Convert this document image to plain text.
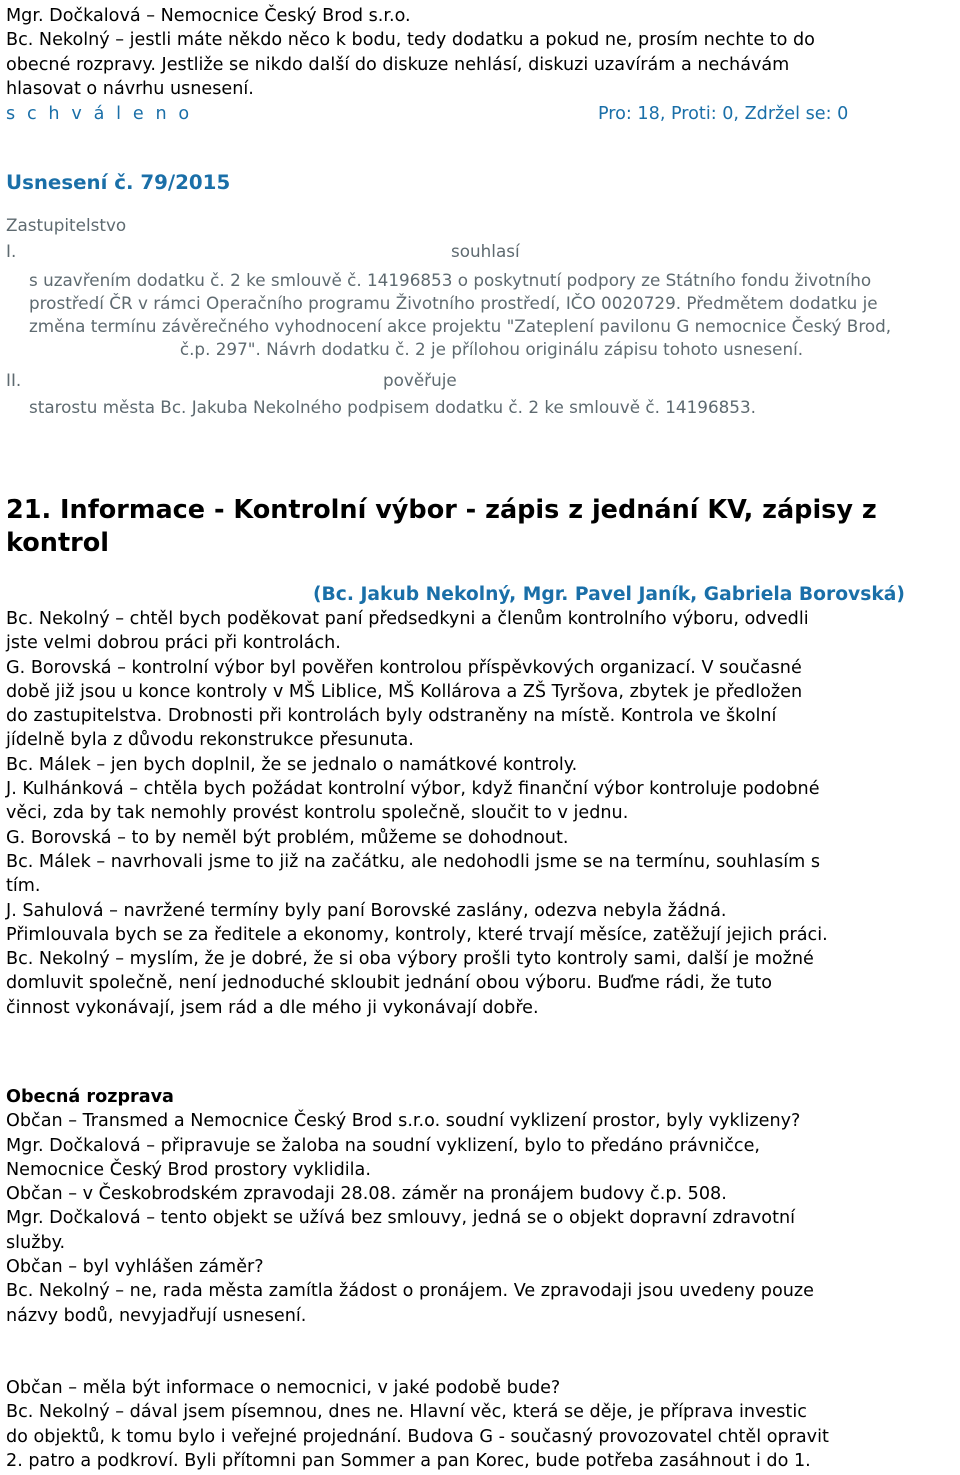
Mgr. Dočkalová – Nemocnice Český Brod s.r.o.

Bc. Nekolný – jestli máte někdo něco k bodu, tedy dodatku a pokud ne, prosím nechte to do

obecné rozpravy. Jestliže se nikdo další do diskuze nehlásí, diskuzi uzavírám a nechávám

hlasovat o návrhu usnesení.

s c h v á l e n o	Pro: 18, Proti: 0, Zdržel se: 0
Usnesení č. 79/2015
Zastupitelstvo
I.	souhlasí

s uzavřením dodatku č. 2 ke smlouvě č. 14196853 o poskytnutí podpory ze Státního fondu životního

prostředí ČR v rámci Operačního programu Životního prostředí, IČO 0020729. Předmětem dodatku je

změna termínu závěrečného vyhodnocení akce projektu "Zateplení pavilonu G nemocnice Český Brod,

č.p. 297". Návrh dodatku č. 2 je přílohou originálu zápisu tohoto usnesení.

II.	pověřuje

starostu města Bc. Jakuba Nekolného podpisem dodatku č. 2 ke smlouvě č. 14196853.

21. Informace - Kontrolní výbor - zápis z jednání KV, zápisy z

kontrol

(Bc. Jakub Nekolný, Mgr. Pavel Janík, Gabriela Borovská)

Bc. Nekolný – chtěl bych poděkovat paní předsedkyni a členům kontrolního výboru, odvedli

jste velmi dobrou práci při kontrolách.

G. Borovská – kontrolní výbor byl pověřen kontrolou příspěvkových organizací. V současné

době již jsou u konce kontroly v MŠ Liblice, MŠ Kollárova a ZŠ Tyršova, zbytek je předložen

do zastupitelstva. Drobnosti při kontrolách byly odstraněny na místě. Kontrola ve školní

jídelně byla z důvodu rekonstrukce přesunuta.

Bc. Málek – jen bych doplnil, že se jednalo o namátkové kontroly.

J. Kulhánková – chtěla bych požádat kontrolní výbor, když finanční výbor kontroluje podobné

věci, zda by tak nemohly provést kontrolu společně, sloučit to v jednu.

G. Borovská – to by neměl být problém, můžeme se dohodnout.

Bc. Málek – navrhovali jsme to již na začátku, ale nedohodli jsme se na termínu, souhlasím s

tím.

J. Sahulová – navržené termíny byly paní Borovské zaslány, odezva nebyla žádná.

Přimlouvala bych se za ředitele a ekonomy, kontroly, které trvají měsíce, zatěžují jejich práci.

Bc. Nekolný – myslím, že je dobré, že si oba výbory prošli tyto kontroly sami, další je možné

domluvit společně, není jednoduché skloubit jednání obou výboru. Buďme rádi, že tuto

činnost vykonávají, jsem rád a dle mého ji vykonávají dobře.

Obecná rozprava

Občan – Transmed a Nemocnice Český Brod s.r.o. soudní vyklizení prostor, byly vyklizeny?

Mgr. Dočkalová – připravuje se žaloba na soudní vyklizení, bylo to předáno právničce,

Nemocnice Český Brod prostory vyklidila.

Občan – v Českobrodském zpravodaji 28.08. záměr na pronájem budovy č.p. 508.

Mgr. Dočkalová – tento objekt se užívá bez smlouvy, jedná se o objekt dopravní zdravotní

služby.

Občan – byl vyhlášen záměr?

Bc. Nekolný – ne, rada města zamítla žádost o pronájem. Ve zpravodaji jsou uvedeny pouze

názvy bodů, nevyjadřují usnesení.

Občan – měla být informace o nemocnici, v jaké podobě bude?

Bc. Nekolný – dával jsem písemnou, dnes ne. Hlavní věc, která se děje, je příprava investic

do objektů, k tomu bylo i veřejné projednání. Budova G - současný provozovatel chtěl opravit

2. patro a podkroví. Byli přítomni pan Sommer a pan Korec, bude potřeba zasáhnout i do 1.
